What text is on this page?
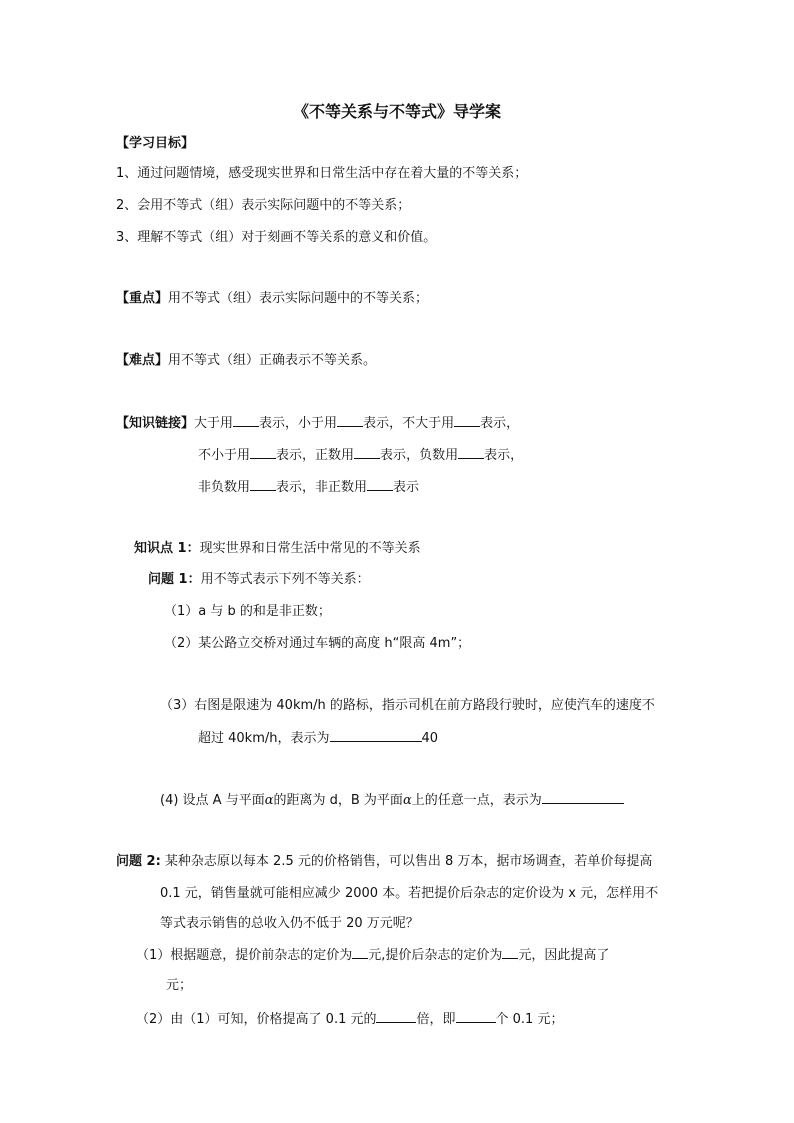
《不等关系与不等式》导学案
【学习目标】
1、通过问题情境，感受现实世界和日常生活中存在着大量的不等关系；
2、会用不等式（组）表示实际问题中的不等关系；
3、理解不等式（组）对于刻画不等关系的意义和价值。
【重点】用不等式（组）表示实际问题中的不等关系；
【难点】用不等式（组）正确表示不等关系。
【知识链接】大于用 表示，小于用 表示，不大于用 表示，
不小于用 表示，正数用 表示，负数用 表示，
非负数用 表示，非正数用 表示
知识点 1：现实世界和日常生活中常见的不等关系
问题 1：用不等式表示下列不等关系：
（1）a 与 b 的和是非正数；
（2）某公路立交桥对通过车辆的高度 h“限高 4m”；
（3）右图是限速为 40km/h 的路标，指示司机在前方路段行驶时，应使汽车的速度不
超过 40km/h，表示为	40
(4) 设点 A 与平面α的距离为 d，B 为平面α上的任意一点，表示为
问题 2: 某种杂志原以每本 2.5 元的价格销售，可以售出 8 万本，据市场调查，若单价每提高
0.1 元，销售量就可能相应减少 2000 本。若把提价后杂志的定价设为 x 元，怎样用不
等式表示销售的总收入仍不低于 20 万元呢？
（1）根据题意，提价前杂志的定价为 元,提价后杂志的定价为 元，因此提高了
元；
（2）由（1）可知，价格提高了 0.1 元的	倍，即	个 0.1 元；
